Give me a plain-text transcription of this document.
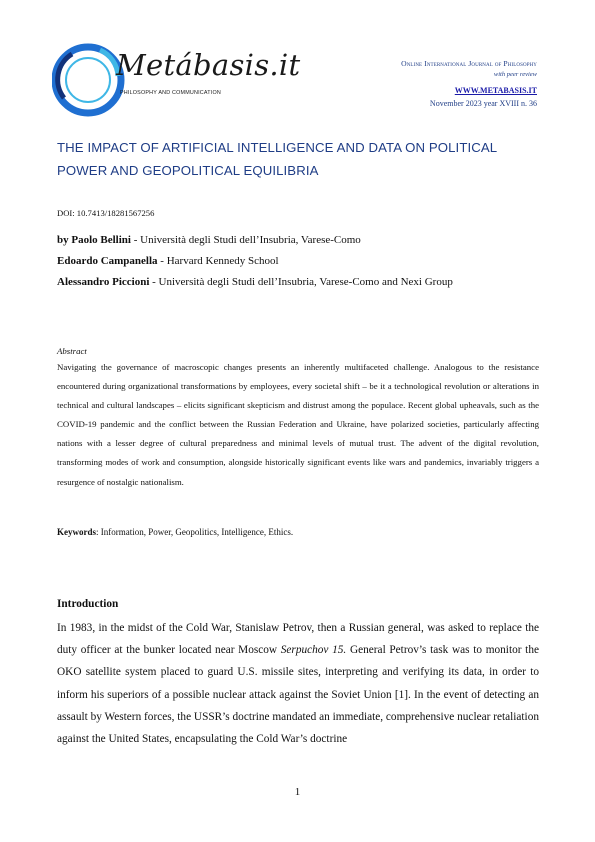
Metábasis.it
PHILOSOPHY AND COMMUNICATION
Online International Journal of Philosophy
with peer review
WWW.METABASIS.IT
November 2023 year XVIII n. 36
THE IMPACT OF ARTIFICIAL INTELLIGENCE AND DATA ON POLITICAL POWER AND GEOPOLITICAL EQUILIBRIA
DOI: 10.7413/18281567256
by Paolo Bellini - Università degli Studi dell’Insubria, Varese-Como
Edoardo Campanella - Harvard Kennedy School
Alessandro Piccioni - Università degli Studi dell’Insubria, Varese-Como and Nexi Group
Abstract
Navigating the governance of macroscopic changes presents an inherently multifaceted challenge. Analogous to the resistance encountered during organizational transformations by employees, every societal shift – be it a technological revolution or alterations in technical and cultural landscapes – elicits significant skepticism and distrust among the populace. Recent global upheavals, such as the COVID-19 pandemic and the conflict between the Russian Federation and Ukraine, have polarized societies, particularly affecting nations with a lesser degree of cultural preparedness and minimal levels of mutual trust. The advent of the digital revolution, transforming modes of work and consumption, alongside historically significant events like wars and pandemics, invariably triggers a resurgence of nostalgic nationalism.
Keywords: Information, Power, Geopolitics, Intelligence, Ethics.
Introduction
In 1983, in the midst of the Cold War, Stanislaw Petrov, then a Russian general, was asked to replace the duty officer at the bunker located near Moscow Serpuchov 15. General Petrov’s task was to monitor the OKO satellite system placed to guard U.S. missile sites, interpreting and verifying its data, in order to inform his superiors of a possible nuclear attack against the Soviet Union [1]. In the event of detecting an assault by Western forces, the USSR’s doctrine mandated an immediate, comprehensive nuclear retaliation against the United States, encapsulating the Cold War’s doctrine
1
